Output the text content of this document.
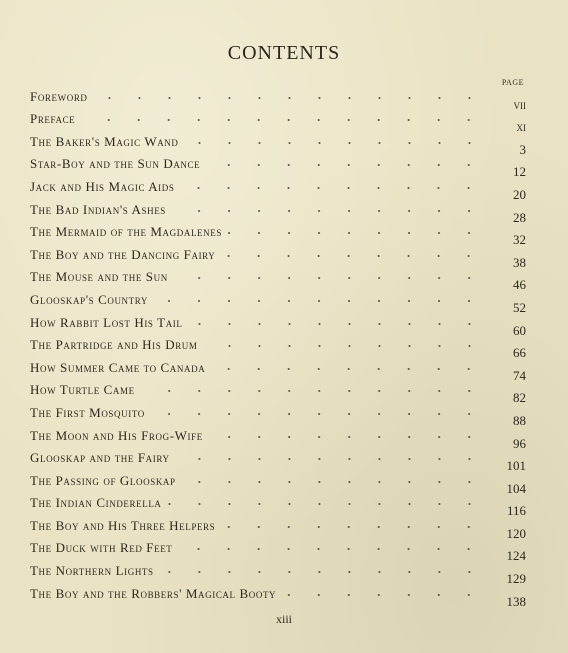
CONTENTS
PAGE
Foreword
vii
Preface
xi
The Baker's Magic Wand
3
Star-Boy and the Sun Dance
12
Jack and His Magic Aids
20
The Bad Indian's Ashes
28
The Mermaid of the Magdalenes
32
The Boy and the Dancing Fairy
38
The Mouse and the Sun
46
Glooskap's Country
52
How Rabbit Lost His Tail
60
The Partridge and His Drum
66
How Summer Came to Canada
74
How Turtle Came
82
The First Mosquito
88
The Moon and His Frog-Wife
96
Glooskap and the Fairy
101
The Passing of Glooskap
104
The Indian Cinderella
116
The Boy and His Three Helpers
120
The Duck with Red Feet
124
The Northern Lights
129
The Boy and the Robbers' Magical Booty
138
xiii
